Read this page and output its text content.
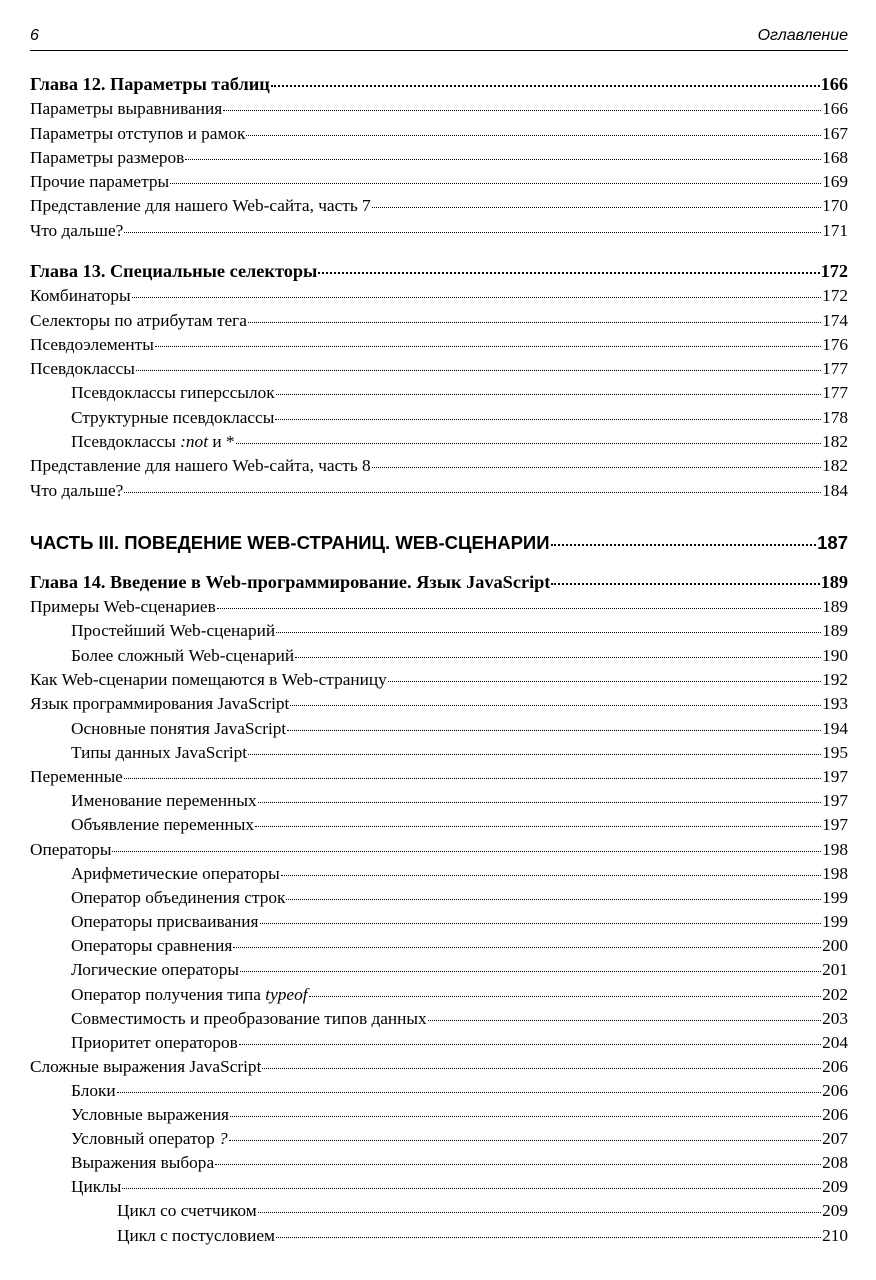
6	Оглавление
Глава 12. Параметры таблиц	166
Параметры выравнивания	166
Параметры отступов и рамок	167
Параметры размеров	168
Прочие параметры	169
Представление для нашего Web-сайта, часть 7	170
Что дальше?	171
Глава 13. Специальные селекторы	172
Комбинаторы	172
Селекторы по атрибутам тега	174
Псевдоэлементы	176
Псевдоклассы	177
Псевдоклассы гиперссылок	177
Структурные псевдоклассы	178
Псевдоклассы :not и *	182
Представление для нашего Web-сайта, часть 8	182
Что дальше?	184
ЧАСТЬ III. ПОВЕДЕНИЕ WEB-СТРАНИЦ. WEB-СЦЕНАРИИ	187
Глава 14. Введение в Web-программирование. Язык JavaScript	189
Примеры Web-сценариев	189
Простейший Web-сценарий	189
Более сложный Web-сценарий	190
Как Web-сценарии помещаются в Web-страницу	192
Язык программирования JavaScript	193
Основные понятия JavaScript	194
Типы данных JavaScript	195
Переменные	197
Именование переменных	197
Объявление переменных	197
Операторы	198
Арифметические операторы	198
Оператор объединения строк	199
Операторы присваивания	199
Операторы сравнения	200
Логические операторы	201
Оператор получения типа typeof	202
Совместимость и преобразование типов данных	203
Приоритет операторов	204
Сложные выражения JavaScript	206
Блоки	206
Условные выражения	206
Условный оператор ?	207
Выражения выбора	208
Циклы	209
Цикл со счетчиком	209
Цикл с постусловием	210
